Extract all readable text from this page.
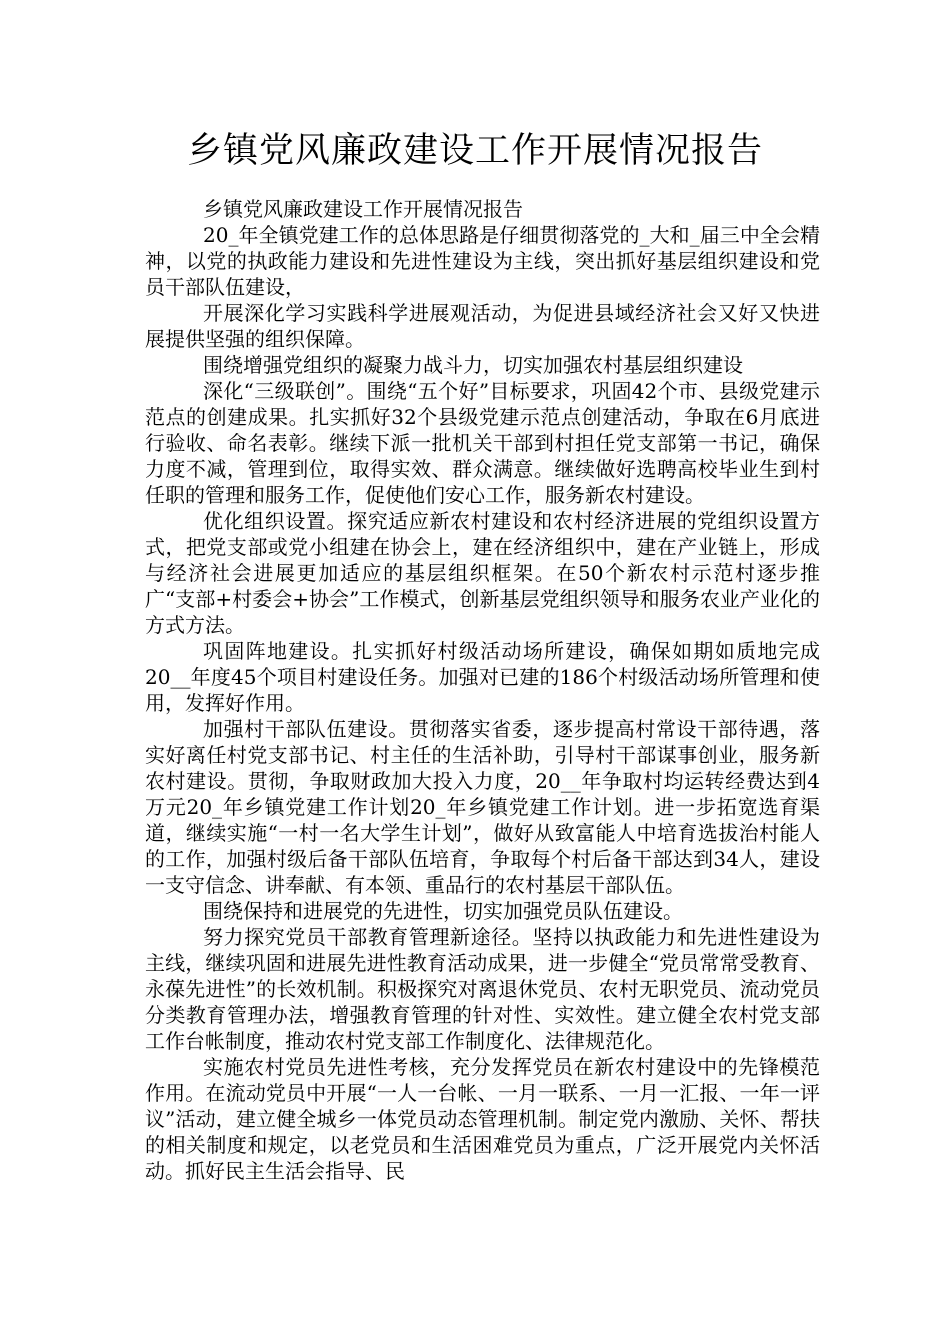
乡镇党风廉政建设工作开展情况报告

乡镇党风廉政建设工作开展情况报告

20_年全镇党建工作的总体思路是仔细贯彻落党的_大和_届三中全会精神，以党的执政能力建设和先进性建设为主线，突出抓好基层组织建设和党员干部队伍建设，

开展深化学习实践科学进展观活动，为促进县域经济社会又好又快进展提供坚强的组织保障。

围绕增强党组织的凝聚力战斗力，切实加强农村基层组织建设

深化“三级联创”。围绕“五个好”目标要求，巩固42个市、县级党建示范点的创建成果。扎实抓好32个县级党建示范点创建活动，争取在6月底进行验收、命名表彰。继续下派一批机关干部到村担任党支部第一书记，确保力度不减，管理到位，取得实效、群众满意。继续做好选聘高校毕业生到村任职的管理和服务工作，促使他们安心工作，服务新农村建设。

优化组织设置。探究适应新农村建设和农村经济进展的党组织设置方式，把党支部或党小组建在协会上，建在经济组织中，建在产业链上，形成与经济社会进展更加适应的基层组织框架。在50个新农村示范村逐步推广“支部+村委会+协会”工作模式，创新基层党组织领导和服务农业产业化的方式方法。

巩固阵地建设。扎实抓好村级活动场所建设，确保如期如质地完成20__年度45个项目村建设任务。加强对已建的186个村级活动场所管理和使用，发挥好作用。

加强村干部队伍建设。贯彻落实省委，逐步提高村常设干部待遇，落实好离任村党支部书记、村主任的生活补助，引导村干部谋事创业，服务新农村建设。贯彻，争取财政加大投入力度，20__年争取村均运转经费达到4万元20_年乡镇党建工作计划20_年乡镇党建工作计划。进一步拓宽选育渠道，继续实施“一村一名大学生计划”，做好从致富能人中培育选拔治村能人的工作，加强村级后备干部队伍培育，争取每个村后备干部达到34人，建设一支守信念、讲奉献、有本领、重品行的农村基层干部队伍。

围绕保持和进展党的先进性，切实加强党员队伍建设。

努力探究党员干部教育管理新途径。坚持以执政能力和先进性建设为主线，继续巩固和进展先进性教育活动成果，进一步健全“党员常常受教育、永葆先进性”的长效机制。积极探究对离退休党员、农村无职党员、流动党员分类教育管理办法，增强教育管理的针对性、实效性。建立健全农村党支部工作台帐制度，推动农村党支部工作制度化、法律规范化。

实施农村党员先进性考核，充分发挥党员在新农村建设中的先锋模范作用。在流动党员中开展“一人一台帐、一月一联系、一月一汇报、一年一评议”活动，建立健全城乡一体党员动态管理机制。制定党内激励、关怀、帮扶的相关制度和规定，以老党员和生活困难党员为重点，广泛开展党内关怀活动。抓好民主生活会指导、民
